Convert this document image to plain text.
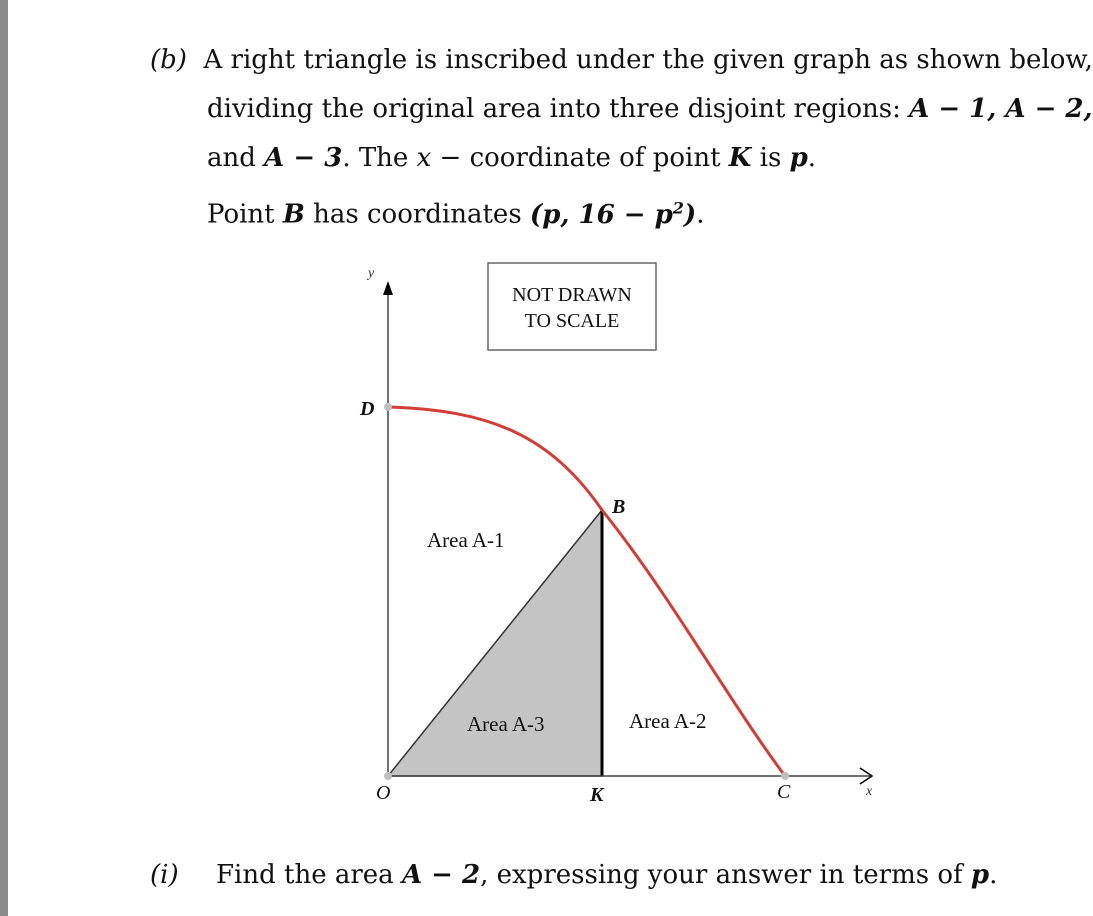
(b) A right triangle is inscribed under the given graph as shown below,
dividing the original area into three disjoint regions: A − 1, A − 2,
and A − 3. The x − coordinate of point K is p.
Point B has coordinates (p, $16 - p^2$).
NOT DRAWN
TO SCALE
y
x
D
B
O	K	C
Area A-1
Area A-3	Area A-2
(i) Find the area A − 2, expressing your answer in terms of p.
